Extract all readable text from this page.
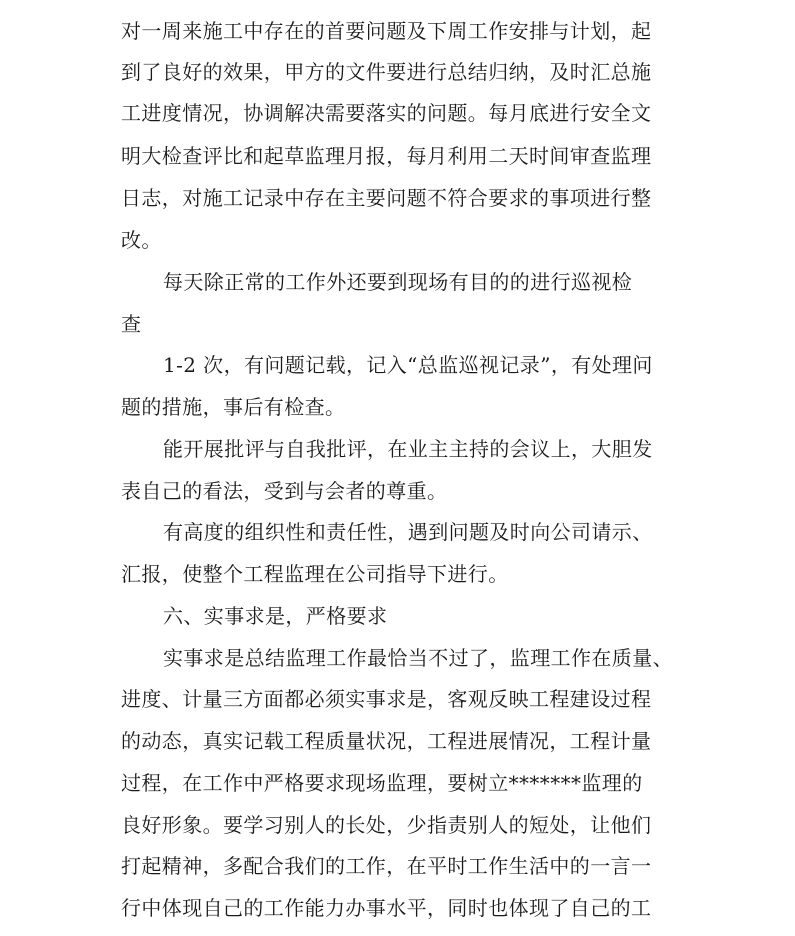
对一周来施工中存在的首要问题及下周工作安排与计划，起
到了良好的效果，甲方的文件要进行总结归纳，及时汇总施
工进度情况，协调解决需要落实的问题。每月底进行安全文
明大检查评比和起草监理月报，每月利用二天时间审查监理
日志，对施工记录中存在主要问题不符合要求的事项进行整
改。
每天除正常的工作外还要到现场有目的的进行巡视检
查
1-2 次，有问题记载，记入“总监巡视记录”，有处理问
题的措施，事后有检查。
能开展批评与自我批评，在业主主持的会议上，大胆发
表自己的看法，受到与会者的尊重。
有高度的组织性和责任性，遇到问题及时向公司请示、
汇报，使整个工程监理在公司指导下进行。
六、实事求是，严格要求
实事求是总结监理工作最恰当不过了，监理工作在质量、
进度、计量三方面都必须实事求是，客观反映工程建设过程
的动态，真实记载工程质量状况，工程进展情况，工程计量
过程，在工作中严格要求现场监理，要树立*******监理的
良好形象。要学习别人的长处，少指责别人的短处，让他们
打起精神，多配合我们的工作，在平时工作生活中的一言一
行中体现自己的工作能力办事水平，同时也体现了自己的工
